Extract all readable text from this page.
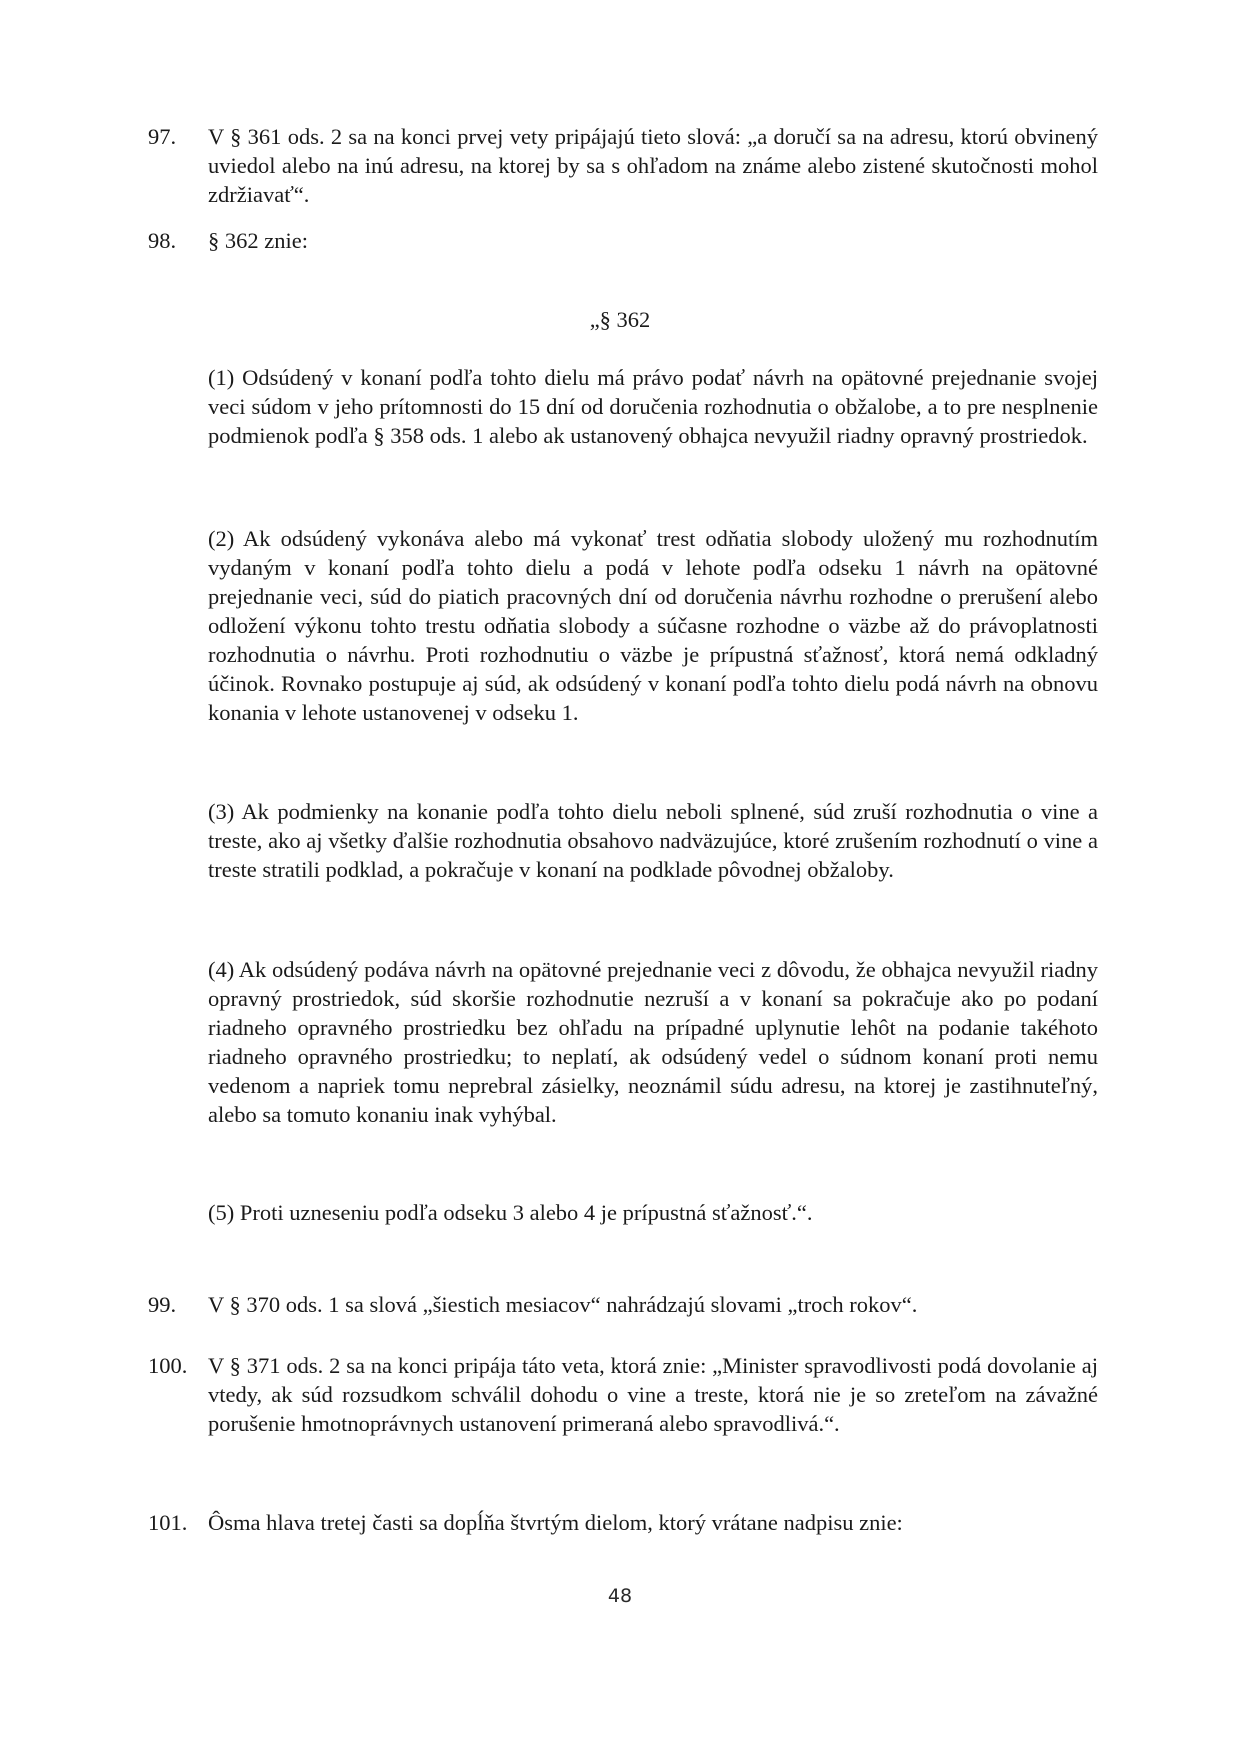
97.	V § 361 ods. 2 sa na konci prvej vety pripájajú tieto slová: „a doručí sa na adresu, ktorú obvinený uviedol alebo na inú adresu, na ktorej by sa s ohľadom na známe alebo zistené skutočnosti mohol zdržiavať“.
98.	§ 362 znie:
„§ 362
(1) Odsúdený v konaní podľa tohto dielu má právo podať návrh na opätovné prejednanie svojej veci súdom v jeho prítomnosti do 15 dní od doručenia rozhodnutia o obžalobe, a to pre nesplnenie podmienok podľa § 358 ods. 1 alebo ak ustanovený obhajca nevyužil riadny opravný prostriedok.
(2) Ak odsúdený vykonáva alebo má vykonať trest odňatia slobody uložený mu rozhodnutím vydaným v konaní podľa tohto dielu a podá v lehote podľa odseku 1 návrh na opätovné prejednanie veci, súd do piatich pracovných dní od doručenia návrhu rozhodne o prerušení alebo odložení výkonu tohto trestu odňatia slobody a súčasne rozhodne o väzbe až do právoplatnosti rozhodnutia o návrhu. Proti rozhodnutiu o väzbe je prípustná sťažnosť, ktorá nemá odkladný účinok. Rovnako postupuje aj súd, ak odsúdený v konaní podľa tohto dielu podá návrh na obnovu konania v lehote ustanovenej v odseku 1.
(3) Ak podmienky na konanie podľa tohto dielu neboli splnené, súd zruší rozhodnutia o vine a treste, ako aj všetky ďalšie rozhodnutia obsahovo nadväzujúce, ktoré zrušením rozhodnutí o vine a treste stratili podklad, a pokračuje v konaní na podklade pôvodnej obžaloby.
(4) Ak odsúdený podáva návrh na opätovné prejednanie veci z dôvodu, že obhajca nevyužil riadny opravný prostriedok, súd skoršie rozhodnutie nezruší a v konaní sa pokračuje ako po podaní riadneho opravného prostriedku bez ohľadu na prípadné uplynutie lehôt na podanie takéhoto riadneho opravného prostriedku; to neplatí, ak odsúdený vedel o súdnom konaní proti nemu vedenom a napriek tomu neprebral zásielky, neoznámil súdu adresu, na ktorej je zastihnuteľný, alebo sa tomuto konaniu inak vyhýbal.
(5) Proti uzneseniu podľa odseku 3 alebo 4 je prípustná sťažnosť.“.
99.	V § 370 ods. 1 sa slová „šiestich mesiacov“ nahrádzajú slovami „troch rokov“.
100. V § 371 ods. 2 sa na konci pripája táto veta, ktorá znie: „Minister spravodlivosti podá dovolanie aj vtedy, ak súd rozsudkom schválil dohodu o vine a treste, ktorá nie je so zreteľom na závažné porušenie hmotnoprávnych ustanovení primeraná alebo spravodlivá.“.
101. Ôsma hlava tretej časti sa dopĺňa štvrtým dielom, ktorý vrátane nadpisu znie:
48
